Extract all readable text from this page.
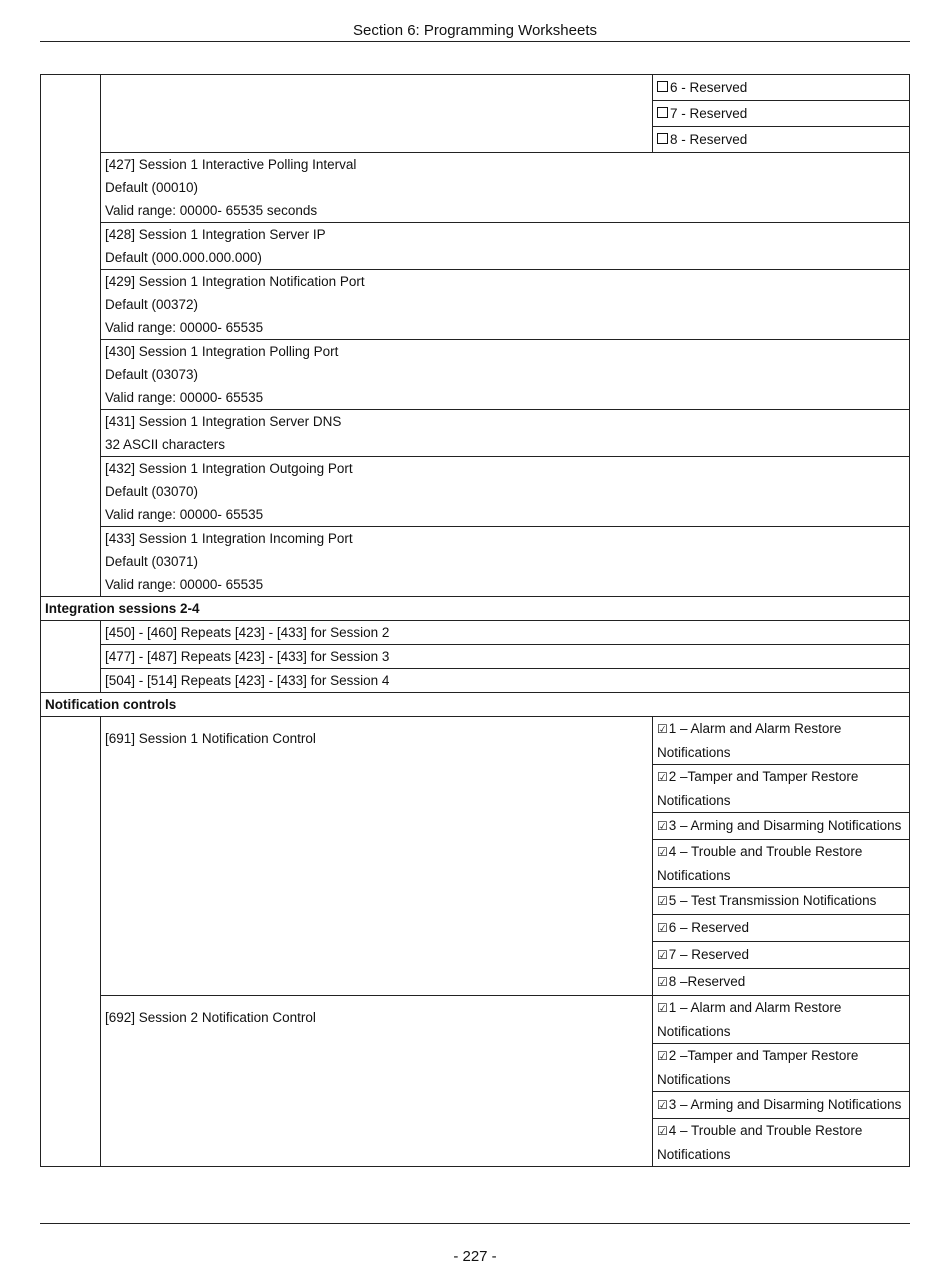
Section 6: Programming Worksheets
		6 - Reserved
		7 - Reserved
		8 - Reserved

	[427] Session 1 Interactive Polling Interval
Default (00010)
Valid range: 00000- 65535 seconds	

	[428] Session 1 Integration Server IP
Default (000.000.000.000)	

	[429] Session 1 Integration Notification Port
Default (00372)
Valid range: 00000- 65535	

	[430] Session 1 Integration Polling Port
Default (03073)
Valid range: 00000- 65535	

	[431] Session 1 Integration Server DNS
32 ASCII characters	

	[432] Session 1 Integration Outgoing Port
Default (03070)
Valid range: 00000- 65535	

	[433] Session 1 Integration Incoming Port
Default (03071)
Valid range: 00000- 65535	

Integration sessions 2-4		
	[450] - [460] Repeats [423] - [433] for Session 2	
	[477] - [487] Repeats [423] - [433] for Session 3	
	[504] - [514] Repeats [423] - [433] for Session 4	
Notification controls		
	[691] Session 1 Notification Control	☑1 – Alarm and Alarm Restore Notifications
		☑2 –Tamper and Tamper Restore Notifications
		☑3 – Arming and Disarming Notifications
		☑4 – Trouble and Trouble Restore Notifications
		☑5 – Test Transmission Notifications
		☑6 – Reserved
		☑7 – Reserved
		☑8 –Reserved
	[692] Session 2 Notification Control	☑1 – Alarm and Alarm Restore Notifications
		☑2 –Tamper and Tamper Restore Notifications
		☑3 – Arming and Disarming Notifications
		☑4 – Trouble and Trouble Restore Notifications
- 227 -
